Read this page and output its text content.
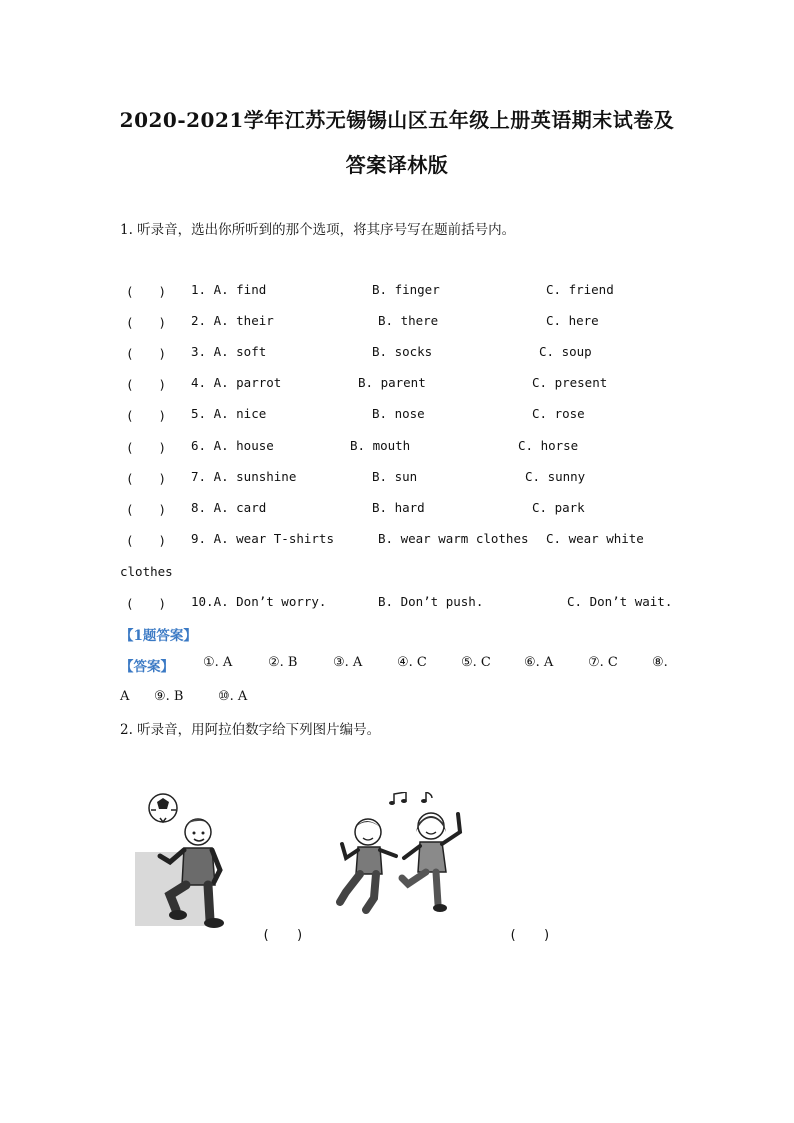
2020-2021学年江苏无锡锡山区五年级上册英语期末试卷及
答案译林版
1. 听录音，选出你所听到的那个选项，将其序号写在题前括号内。
(　　) 1. A. find	B. finger	C. friend
(　　) 2. A. their	B. there	C. here
(　　) 3. A. soft	B. socks	C. soup
(　　) 4. A. parrot	B. parent	C. present
(　　) 5. A. nice	B. nose	C. rose
(　　) 6. A. house	B. mouth	C. horse
(　　) 7. A. sunshine	B. sun	C. sunny
(　　) 8. A. card	B. hard	C. park
(　　) 9. A. wear T-shirts	B. wear warm clothes C. wear white
clothes
(　　) 10.A. Don’t worry.	B. Don’t push.	C. Don’t wait.
【1题答案】
【答案】 ①. A	②. B	③. A	④. C	⑤. C	⑥. A	⑦. C	⑧.
A ⑨. B	⑩. A
2. 听录音，用阿拉伯数字给下列图片编号。
(　　)	(　　)
